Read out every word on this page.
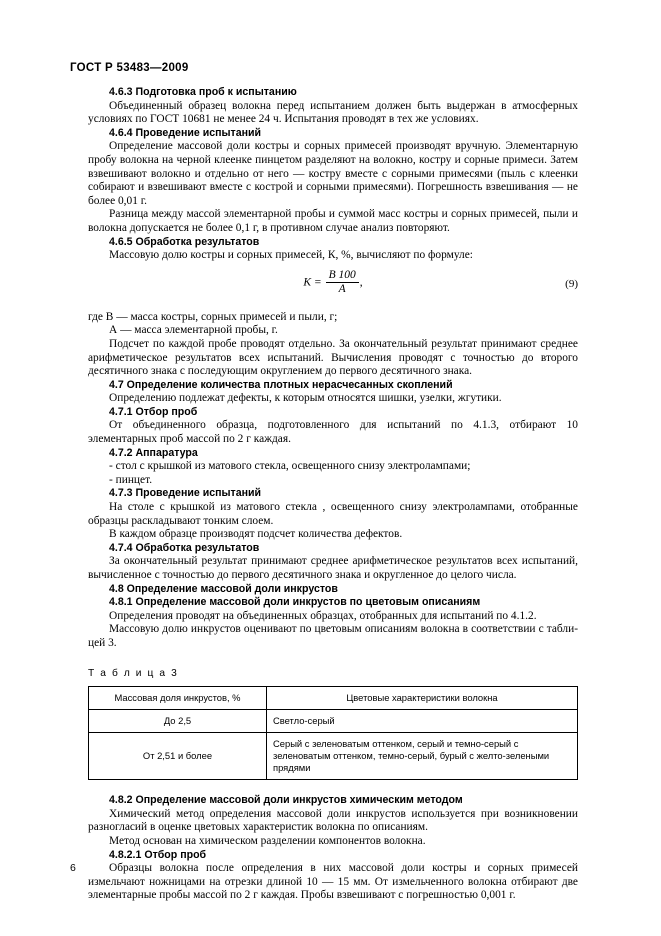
ГОСТ Р 53483—2009

4.6.3 Подготовка проб к испытанию

Объединенный образец волокна перед испытанием должен быть выдержан в атмосферных условиях по ГОСТ 10681 не менее 24 ч. Испытания проводят в тех же условиях.

4.6.4 Проведение испытаний

Определение массовой доли костры и сорных примесей производят вручную. Элементарную пробу волокна на черной клеенке пинцетом разделяют на волокно, костру и сорные примеси. Затем взвешивают волокно и отдельно от него — костру вместе с сорными примесями (пыль с клеенки собирают и взвешивают вместе с кострой и сорными примесями). Погрешность взвешивания — не более 0,01 г.

Разница между массой элементарной пробы и суммой масс костры и сорных примесей, пыли и волокна допускается не более 0,1 г, в противном случае анализ повторяют.

4.6.5 Обработка результатов

Массовую долю костры и сорных примесей, К, %, вычисляют по формуле:

$K = \frac{В 100}{A}$ ,	(9)

где В — масса костры, сорных примесей и пыли, г;

А — масса элементарной пробы, г.

Подсчет по каждой пробе проводят отдельно. За окончательный результат принимают среднее арифметическое результатов всех испытаний. Вычисления проводят с точностью до второго десятичного знака с последующим округлением до первого десятичного знака.

4.7 Определение количества плотных нерасчесанных скоплений

Определению подлежат дефекты, к которым относятся шишки, узелки, жгутики.

4.7.1 Отбор проб

От объединенного образца, подготовленного для испытаний по 4.1.3, отбирают 10 элементарных проб массой по 2 г каждая.

4.7.2 Аппаратура

- стол с крышкой из матового стекла, освещенного снизу электролампами;

- пинцет.

4.7.3 Проведение испытаний

На столе с крышкой из матового стекла , освещенного снизу электролампами, отобранные образцы раскладывают тонким слоем.

В каждом образце производят подсчет количества дефектов.

4.7.4 Обработка результатов

За окончательный результат принимают среднее арифметическое результатов всех испытаний, вычисленное с точностью до первого десятичного знака и округленное до целого числа.

4.8 Определение массовой доли инкрустов

4.8.1 Определение массовой доли инкрустов по цветовым описаниям

Определения проводят на объединенных образцах, отобранных для испытаний по 4.1.2.

Массовую долю инкрустов оценивают по цветовым описаниям волокна в соответствии с таблицей 3.

Т а б л и ц а 3

Массовая доля инкрустов, %	Цветовые характеристики волокна
До 2,5	Светло-серый
От 2,51 и более	Серый с зеленоватым оттенком, серый и темно-серый с зеленоватым оттенком, темно-серый, бурый с желто-зелеными прядями

4.8.2 Определение массовой доли инкрустов химическим методом

Химический метод определения массовой доли инкрустов используется при возникновении разногласий в оценке цветовых характеристик волокна по описаниям.

Метод основан на химическом разделении компонентов волокна.

4.8.2.1 Отбор проб

Образцы волокна после определения в них массовой доли костры и сорных примесей измельчают ножницами на отрезки длиной 10 — 15 мм. От измельченного волокна отбирают две элементарные пробы массой по 2 г каждая. Пробы взвешивают с погрешностью 0,001 г.

6
